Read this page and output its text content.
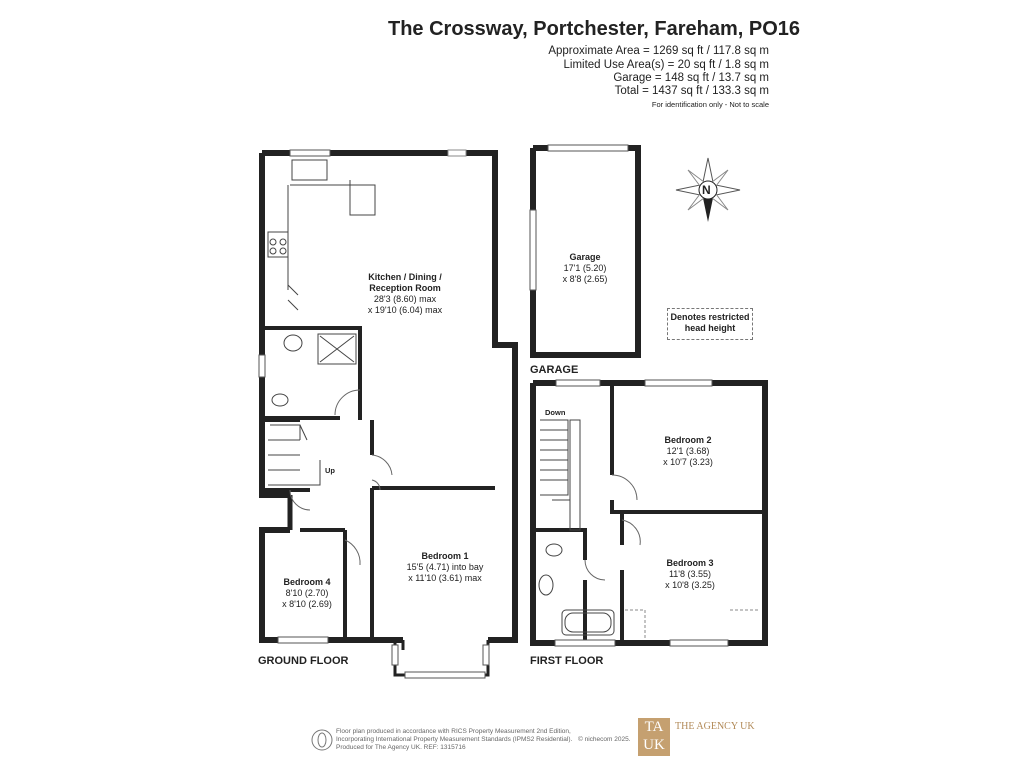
The Crossway, Portchester, Fareham, PO16
Approximate Area = 1269 sq ft / 117.8 sq m
Limited Use Area(s) = 20 sq ft / 1.8 sq m
Garage = 148 sq ft / 13.7 sq m
Total = 1437 sq ft / 133.3 sq m
For identification only - Not to scale
N
Kitchen / Dining /
Reception Room
28'3 (8.60) max
x 19'10 (6.04) max
Garage
17'1 (5.20)
x 8'8 (2.65)
Bedroom 1
15'5 (4.71) into bay
x 11'10 (3.61) max
Bedroom 4
8'10 (2.70)
x 8'10 (2.69)
Bedroom 2
12'1 (3.68)
x 10'7 (3.23)
Bedroom 3
11'8 (3.55)
x 10'8 (3.25)
Up
Down
GROUND FLOOR	FIRST FLOOR
GARAGE
Denotes restricted head height
Floor plan produced in accordance with RICS Property Measurement 2nd Edition, Incorporating International Property Measurement Standards (IPMS2 Residential). Produced for The Agency UK. REF: 1315716
© nichecom 2025.
TA UK
THE AGENCY UK
